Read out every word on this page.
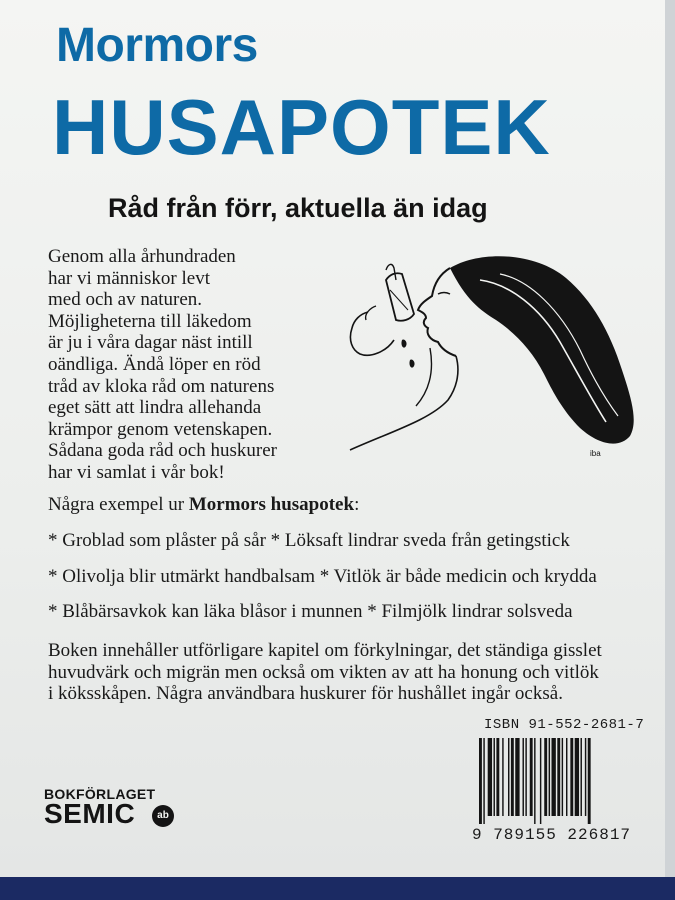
Mormors
HUSAPOTEK
Råd från förr, aktuella än idag

Genom alla århundraden
har vi människor levt
med och av naturen.
Möjligheterna till läkedom
är ju i våra dagar näst intill
oändliga. Ändå löper en röd
tråd av kloka råd om naturens
eget sätt att lindra allehanda
krämpor genom vetenskapen.
Sådana goda råd och huskurer
har vi samlat i vår bok!

iba

Några exempel ur Mormors husapotek:

* Groblad som plåster på sår * Löksaft lindrar sveda från getingstick

* Olivolja blir utmärkt handbalsam * Vitlök är både medicin och krydda

* Blåbärsavkok kan läka blåsor i munnen * Filmjölk lindrar solsveda

Boken innehåller utförligare kapitel om förkylningar, det ständiga gisslet
huvudvärk och migrän men också om vikten av att ha honung och vitlök
i köksskåpen. Några användbara huskurer för hushållet ingår också.

ISBN 91-552-2681-7
9 789155 226817
BOKFÖRLAGET
SEMIC	ab
